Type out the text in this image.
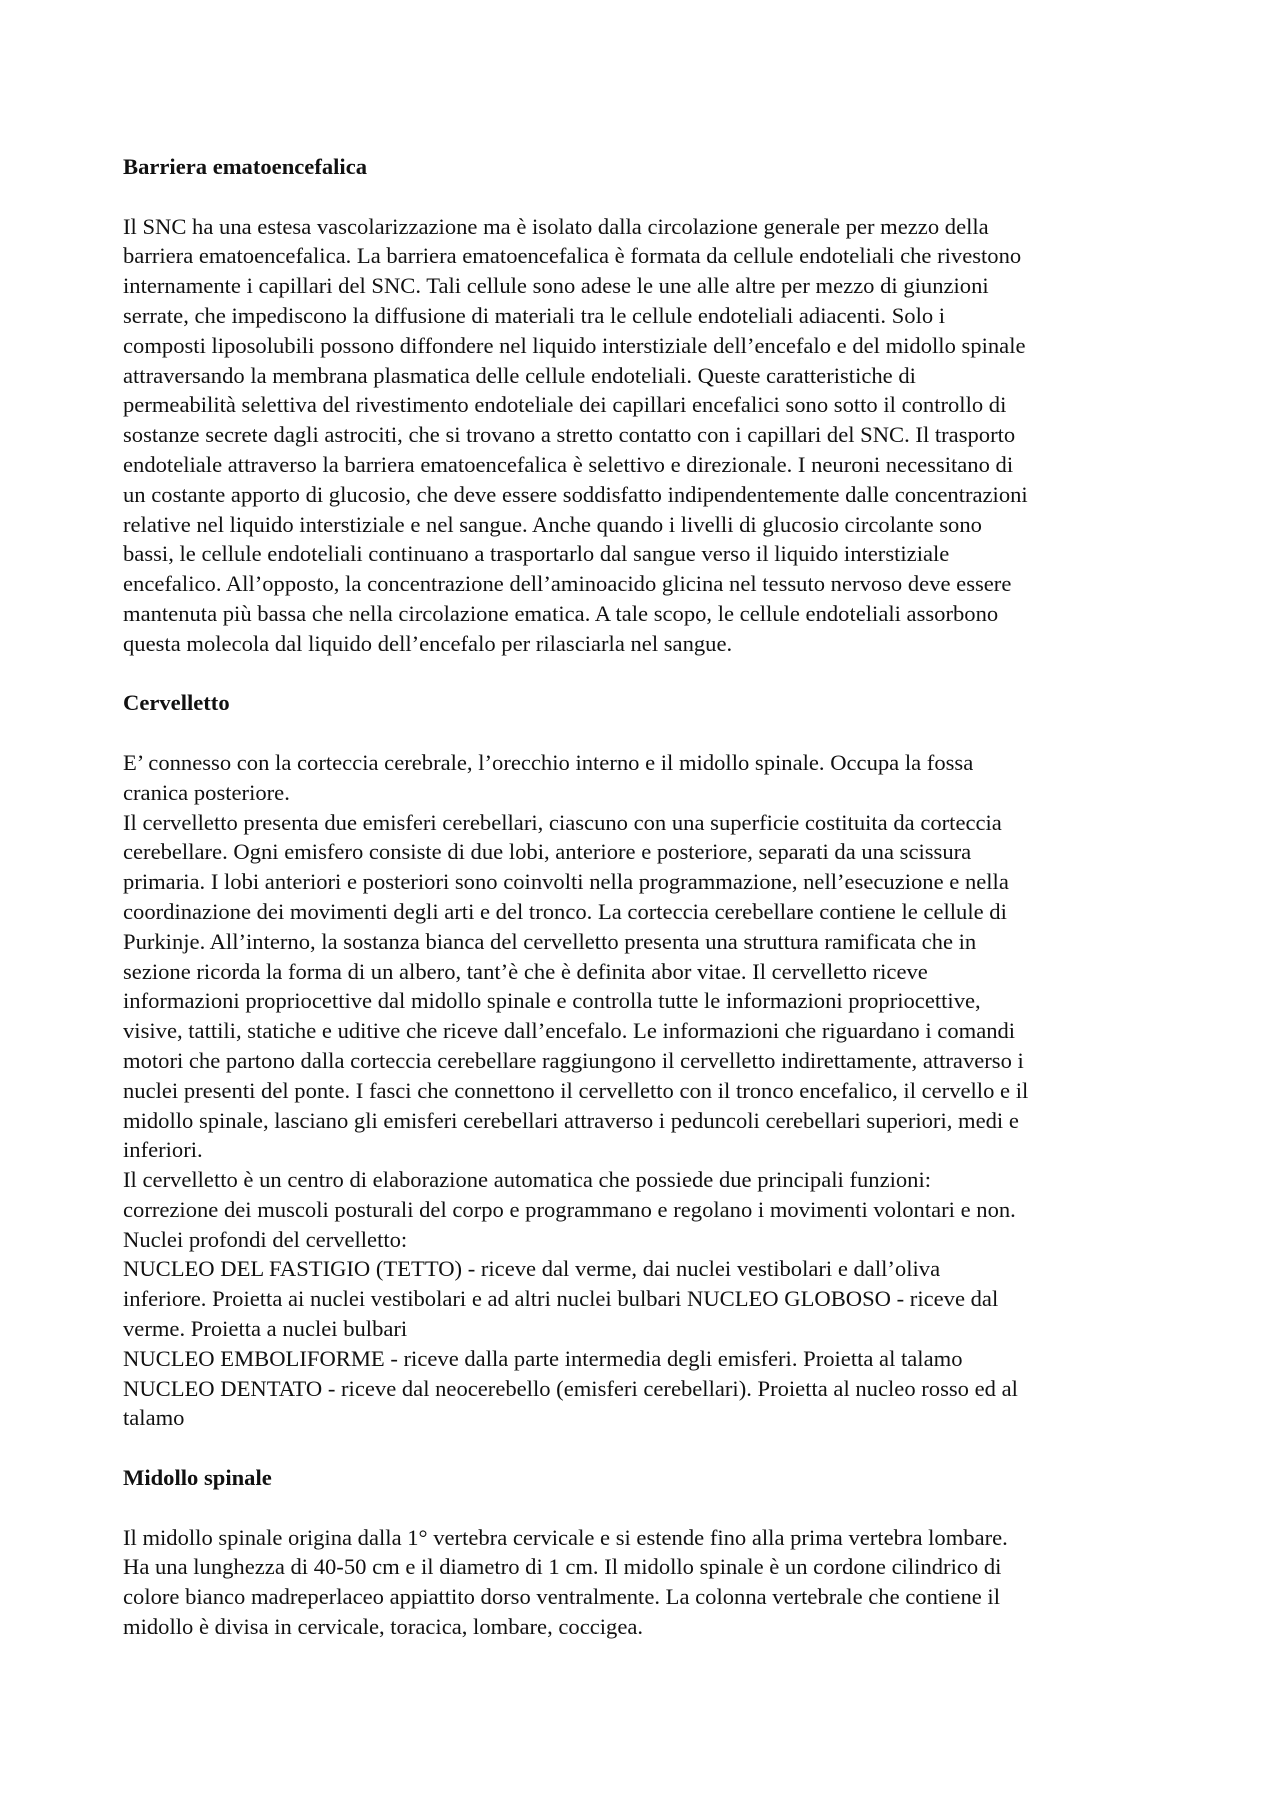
Barriera ematoencefalica

Il SNC ha una estesa vascolarizzazione ma è isolato dalla circolazione generale per mezzo della
barriera ematoencefalica. La barriera ematoencefalica è formata da cellule endoteliali che rivestono
internamente i capillari del SNC. Tali cellule sono adese le une alle altre per mezzo di giunzioni
serrate, che impediscono la diffusione di materiali tra le cellule endoteliali adiacenti. Solo i
composti liposolubili possono diffondere nel liquido interstiziale dell’encefalo e del midollo spinale
attraversando la membrana plasmatica delle cellule endoteliali. Queste caratteristiche di
permeabilità selettiva del rivestimento endoteliale dei capillari encefalici sono sotto il controllo di
sostanze secrete dagli astrociti, che si trovano a stretto contatto con i capillari del SNC. Il trasporto
endoteliale attraverso la barriera ematoencefalica è selettivo e direzionale. I neuroni necessitano di
un costante apporto di glucosio, che deve essere soddisfatto indipendentemente dalle concentrazioni
relative nel liquido interstiziale e nel sangue. Anche quando i livelli di glucosio circolante sono
bassi, le cellule endoteliali continuano a trasportarlo dal sangue verso il liquido interstiziale
encefalico. All’opposto, la concentrazione dell’aminoacido glicina nel tessuto nervoso deve essere
mantenuta più bassa che nella circolazione ematica. A tale scopo, le cellule endoteliali assorbono
questa molecola dal liquido dell’encefalo per rilasciarla nel sangue.

Cervelletto

E’ connesso con la corteccia cerebrale, l’orecchio interno e il midollo spinale. Occupa la fossa
cranica posteriore.
Il cervelletto presenta due emisferi cerebellari, ciascuno con una superficie costituita da corteccia
cerebellare. Ogni emisfero consiste di due lobi, anteriore e posteriore, separati da una scissura
primaria. I lobi anteriori e posteriori sono coinvolti nella programmazione, nell’esecuzione e nella
coordinazione dei movimenti degli arti e del tronco. La corteccia cerebellare contiene le cellule di
Purkinje. All’interno, la sostanza bianca del cervelletto presenta una struttura ramificata che in
sezione ricorda la forma di un albero, tant’è che è definita abor vitae. Il cervelletto riceve
informazioni propriocettive dal midollo spinale e controlla tutte le informazioni propriocettive,
visive, tattili, statiche e uditive che riceve dall’encefalo. Le informazioni che riguardano i comandi
motori che partono dalla corteccia cerebellare raggiungono il cervelletto indirettamente, attraverso i
nuclei presenti del ponte. I fasci che connettono il cervelletto con il tronco encefalico, il cervello e il
midollo spinale, lasciano gli emisferi cerebellari attraverso i peduncoli cerebellari superiori, medi e
inferiori.
Il cervelletto è un centro di elaborazione automatica che possiede due principali funzioni:
correzione dei muscoli posturali del corpo e programmano e regolano i movimenti volontari e non.
Nuclei profondi del cervelletto:
NUCLEO DEL FASTIGIO (TETTO) - riceve dal verme, dai nuclei vestibolari e dall’oliva
inferiore. Proietta ai nuclei vestibolari e ad altri nuclei bulbari NUCLEO GLOBOSO - riceve dal
verme. Proietta a nuclei bulbari
NUCLEO EMBOLIFORME - riceve dalla parte intermedia degli emisferi. Proietta al talamo
NUCLEO DENTATO - riceve dal neocerebello (emisferi cerebellari). Proietta al nucleo rosso ed al
talamo

Midollo spinale

Il midollo spinale origina dalla 1° vertebra cervicale e si estende fino alla prima vertebra lombare.
Ha una lunghezza di 40-50 cm e il diametro di 1 cm. Il midollo spinale è un cordone cilindrico di
colore bianco madreperlaceo appiattito dorso ventralmente. La colonna vertebrale che contiene il
midollo è divisa in cervicale, toracica, lombare, coccigea.
